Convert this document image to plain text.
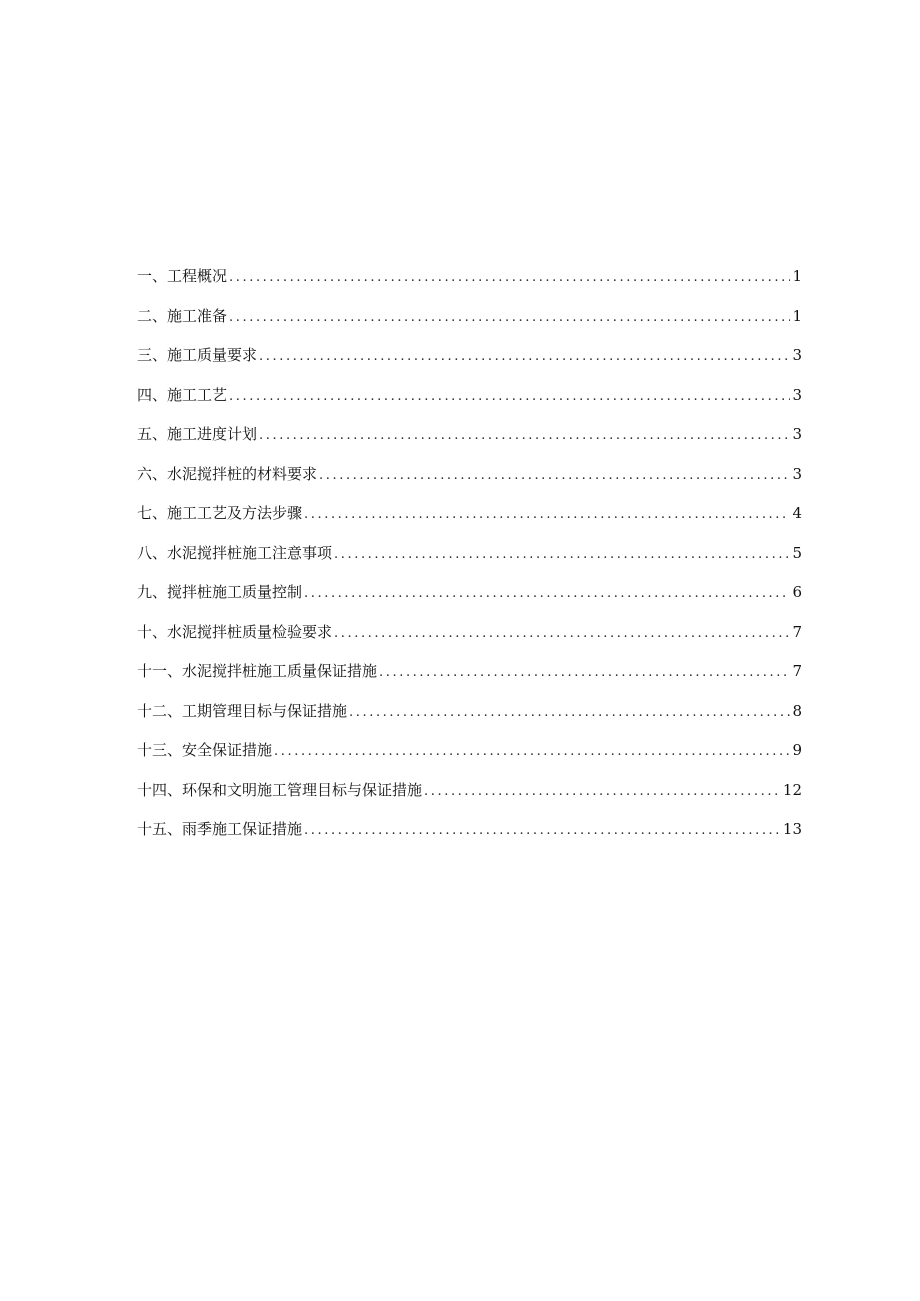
一、工程概况 .....	1
二、施工准备 .....	1
三、施工质量要求 .....	3
四、施工工艺 .....	3
五、施工进度计划 .....	3
六、水泥搅拌桩的材料要求 .....	3
七、施工工艺及方法步骤 .....	4
八、水泥搅拌桩施工注意事项 .....	5
九、搅拌桩施工质量控制 .....	6
十、水泥搅拌桩质量检验要求 .....	7
十一、水泥搅拌桩施工质量保证措施 .....	7
十二、工期管理目标与保证措施 .....	8
十三、安全保证措施 .....	9
十四、环保和文明施工管理目标与保证措施 .....	12
十五、雨季施工保证措施 .....	13
